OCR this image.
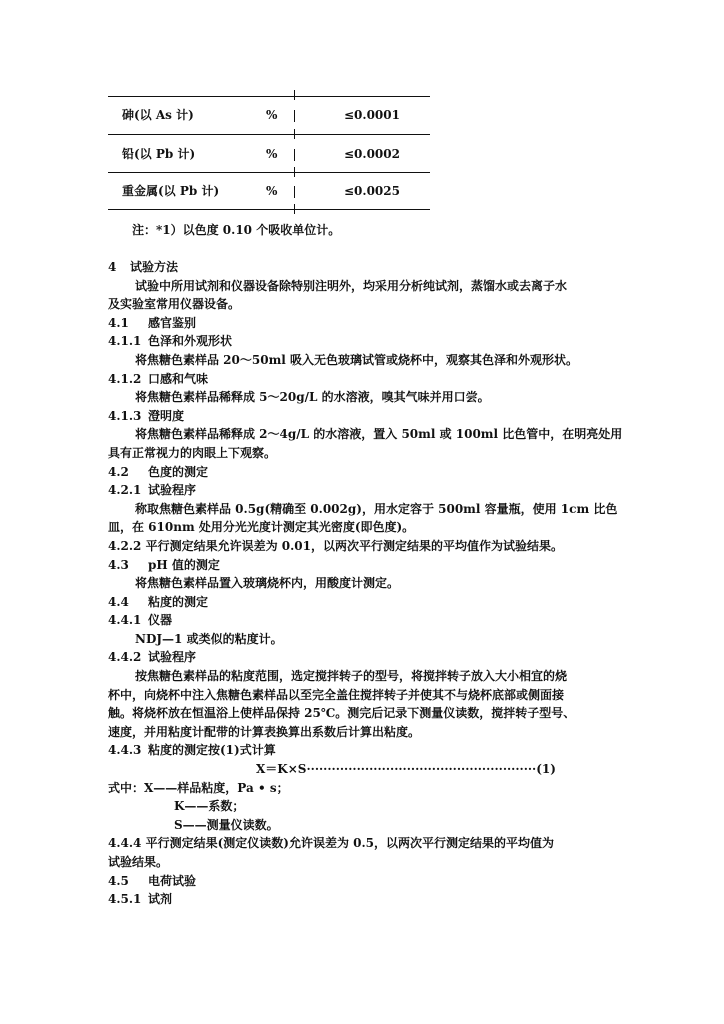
砷(以 As 计)	%	≤0.0001
铅(以 Pb 计)	%	≤0.0002
重金属(以 Pb 计)	%	≤0.0025
注：*1）以色度 0.10 个吸收单位计。
4 试验方法
试验中所用试剂和仪器设备除特别注明外，均采用分析纯试剂，蒸馏水或去离子水
及实验室常用仪器设备。
4.1 感官鉴别
4.1.1 色泽和外观形状
将焦糖色素样品 20～50ml 吸入无色玻璃试管或烧杯中，观察其色泽和外观形状。
4.1.2 口感和气味
将焦糖色素样品稀释成 5～20g/L 的水溶液，嗅其气味并用口尝。
4.1.3 澄明度
将焦糖色素样品稀释成 2～4g/L 的水溶液，置入 50ml 或 100ml 比色管中，在明亮处用
具有正常视力的肉眼上下观察。
4.2 色度的测定
4.2.1 试验程序
称取焦糖色素样品 0.5g(精确至 0.002g)，用水定容于 500ml 容量瓶，使用 1cm 比色
皿，在 610nm 处用分光光度计测定其光密度(即色度)。
4.2.2 平行测定结果允许误差为 0.01，以两次平行测定结果的平均值作为试验结果。
4.3 pH 值的测定
将焦糖色素样品置入玻璃烧杯内，用酸度计测定。
4.4 粘度的测定
4.4.1 仪器
NDJ—1 或类似的粘度计。
4.4.2 试验程序
按焦糖色素样品的粘度范围，选定搅拌转子的型号，将搅拌转子放入大小相宜的烧
杯中，向烧杯中注入焦糖色素样品以至完全盖住搅拌转子并使其不与烧杯底部或侧面接
触。将烧杯放在恒温浴上使样品保持 25℃。测完后记录下测量仪读数，搅拌转子型号、
速度，并用粘度计配带的计算表换算出系数后计算出粘度。
4.4.3 粘度的测定按(1)式计算
X＝K×S·······················································(1)
式中：X——样品粘度，Pa • s；
K——系数；
S——测量仪读数。
4.4.4 平行测定结果(测定仪读数)允许误差为 0.5，以两次平行测定结果的平均值为
试验结果。
4.5 电荷试验
4.5.1 试剂
